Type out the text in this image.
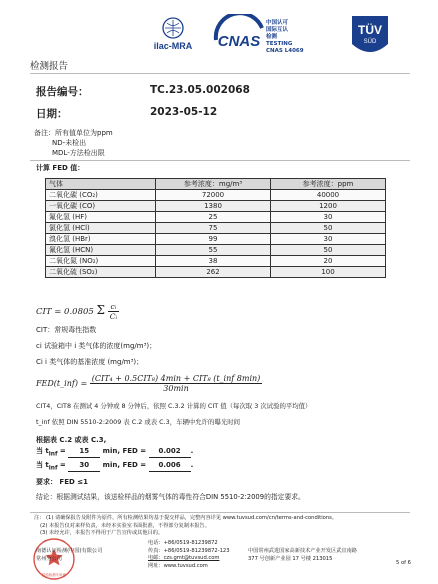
ilac-MRA CNAS
中国认可
国际互认
检测
TESTING
CNAS L4069
TÜV
SÜD
检测报告
报告编号：	TC.23.05.002068
日期：	2023-05-12
备注：所有值单位为ppm
ND-未检出
MDL-方法检出限
计算 FED 值：
气体	参考浓度：mg/m³	参考浓度：ppm
二氧化碳 (CO₂)	72000	40000
一氧化碳 (CO)	1380	1200
氟化氢 (HF)	25	30
氯化氢 (HCl)	75	50
溴化氢 (HBr)	99	30
氰化氢 (HCN)	55	50
二氧化氮 (NO₂)	38	20
二氧化硫 (SO₂)	262	100
CIT = 0.0805 Σ $\frac{\text{cᵢ}}{\text{Cᵢ}}$
CIT：常规毒性指数
ci 试验箱中 i 类气体的浓度(mg/m³)；
Ci i 类气体的基准浓度 (mg/m³)；
FED(t_inf) = $\frac{\text{(CIT₄ + 0.5CIT₈) 4min + CIT₈ (t\_inf 8min)}}{30\min}$
CIT4，CIT8 在测试 4 分钟或 8 分钟后，依照 C.3.2 计算的 CIT 值（每次取 3 次试验的平均值）
t_inf 依照 DIN 5510-2:2009 表 C.2 或表 C.3，车辆中允许的曝光时间
根据表 C.2 或表 C.3,
当 $t_{inf} = 15$ min, FED = 0.002 .
当 $t_{inf} = 30$ min, FED = 0.006 .
要求： FED ≤1
结论：根据测试结果，该送检样品的烟雾气体的毒性符合DIN 5510-2:2009的指定要求。
注： (1) 请确保报告及附件为原件，所有检测结果均基于提交样品，完整内容详见 www.tuvsud.com/cn/terms-and-conditions。
(2) 本报告仅对来样负责，未经本实验室书面批准，不得部分复制本报告。
(3) 未经允许，本报告不得用于广告宣传或其他目的。
检验检测专用章
南德认证检测(中国)有限公司
常州分公司
电话：+86/0519-81239872
传真：+86/0519-81239872-123
电邮：czs.gmt@tuvsud.com
网址：www.tuvsud.com
中国常州武进国家高新技术产业开发区武宜南路
377 号创新产业园 17 号楼 213015
5 of 6
